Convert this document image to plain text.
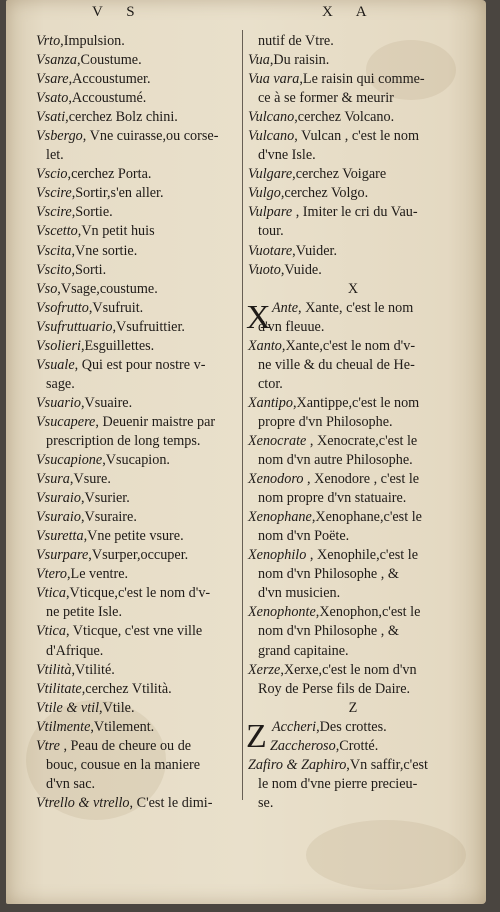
V S	X A
Vrto,Impulsion.
Vsanza,Coustume.
Vsare,Accoustumer.
Vsato,Accoustumé.
Vsati,cerchez Bolz chini.
Vsbergo, Vne cuirasse,ou corse-
let.
Vscio,cerchez Porta.
Vscire,Sortir,s'en aller.
Vscire,Sortie.
Vscetto,Vn petit huis
Vscita,Vne sortie.
Vscito,Sorti.
Vso,Vsage,coustume.
Vsofrutto,Vsufruit.
Vsufruttuario,Vsufruittier.
Vsolieri,Esguillettes.
Vsuale, Qui est pour nostre v-
sage.
Vsuario,Vsuaire.
Vsucapere, Deuenir maistre par
prescription de long temps.
Vsucapione,Vsucapion.
Vsura,Vsure.
Vsuraio,Vsurier.
Vsuraio,Vsuraire.
Vsuretta,Vne petite vsure.
Vsurpare,Vsurper,occuper.
Vtero,Le ventre.
Vtica,Vticque,c'est le nom d'v-
ne petite Isle.
Vtica, Vticque, c'est vne ville
d'Afrique.
Vtilità,Vtilité.
Vtilitate,cerchez Vtilità.
Vtile & vtil,Vtile.
Vtilmente,Vtilement.
Vtre , Peau de cheure ou de
bouc, cousue en la maniere
d'vn sac.
Vtrello & vtrello, C'est le dimi-
nutif de Vtre.
Vua,Du raisin.
Vua vara,Le raisin qui comme-
ce à se former & meurir
Vulcano,cerchez Volcano.
Vulcano, Vulcan , c'est le nom
d'vne Isle.
Vulgare,cerchez Voigare
Vulgo,cerchez Volgo.
Vulpare , Imiter le cri du Vau-
tour.
Vuotare,Vuider.
Vuoto,Vuide.
X
X Ante, Xante, c'est le nom
d'vn fleuue.
Xanto,Xante,c'est le nom d'v-
ne ville & du cheual de He-
ctor.
Xantipo,Xantippe,c'est le nom
propre d'vn Philosophe.
Xenocrate , Xenocrate,c'est le
nom d'vn autre Philosophe.
Xenodoro , Xenodore , c'est le
nom propre d'vn statuaire.
Xenophane,Xenophane,c'est le
nom d'vn Poëte.
Xenophilo , Xenophile,c'est le
nom d'vn Philosophe , &
d'vn musicien.
Xenophonte,Xenophon,c'est le
nom d'vn Philosophe , &
grand capitaine.
Xerze,Xerxe,c'est le nom d'vn
Roy de Perse fils de Daire.
Z
Z Accheri,Des crottes.
Zaccheroso,Crotté.
Zafiro & Zaphiro,Vn saffir,c'est
le nom d'vne pierre precieu-
se.
